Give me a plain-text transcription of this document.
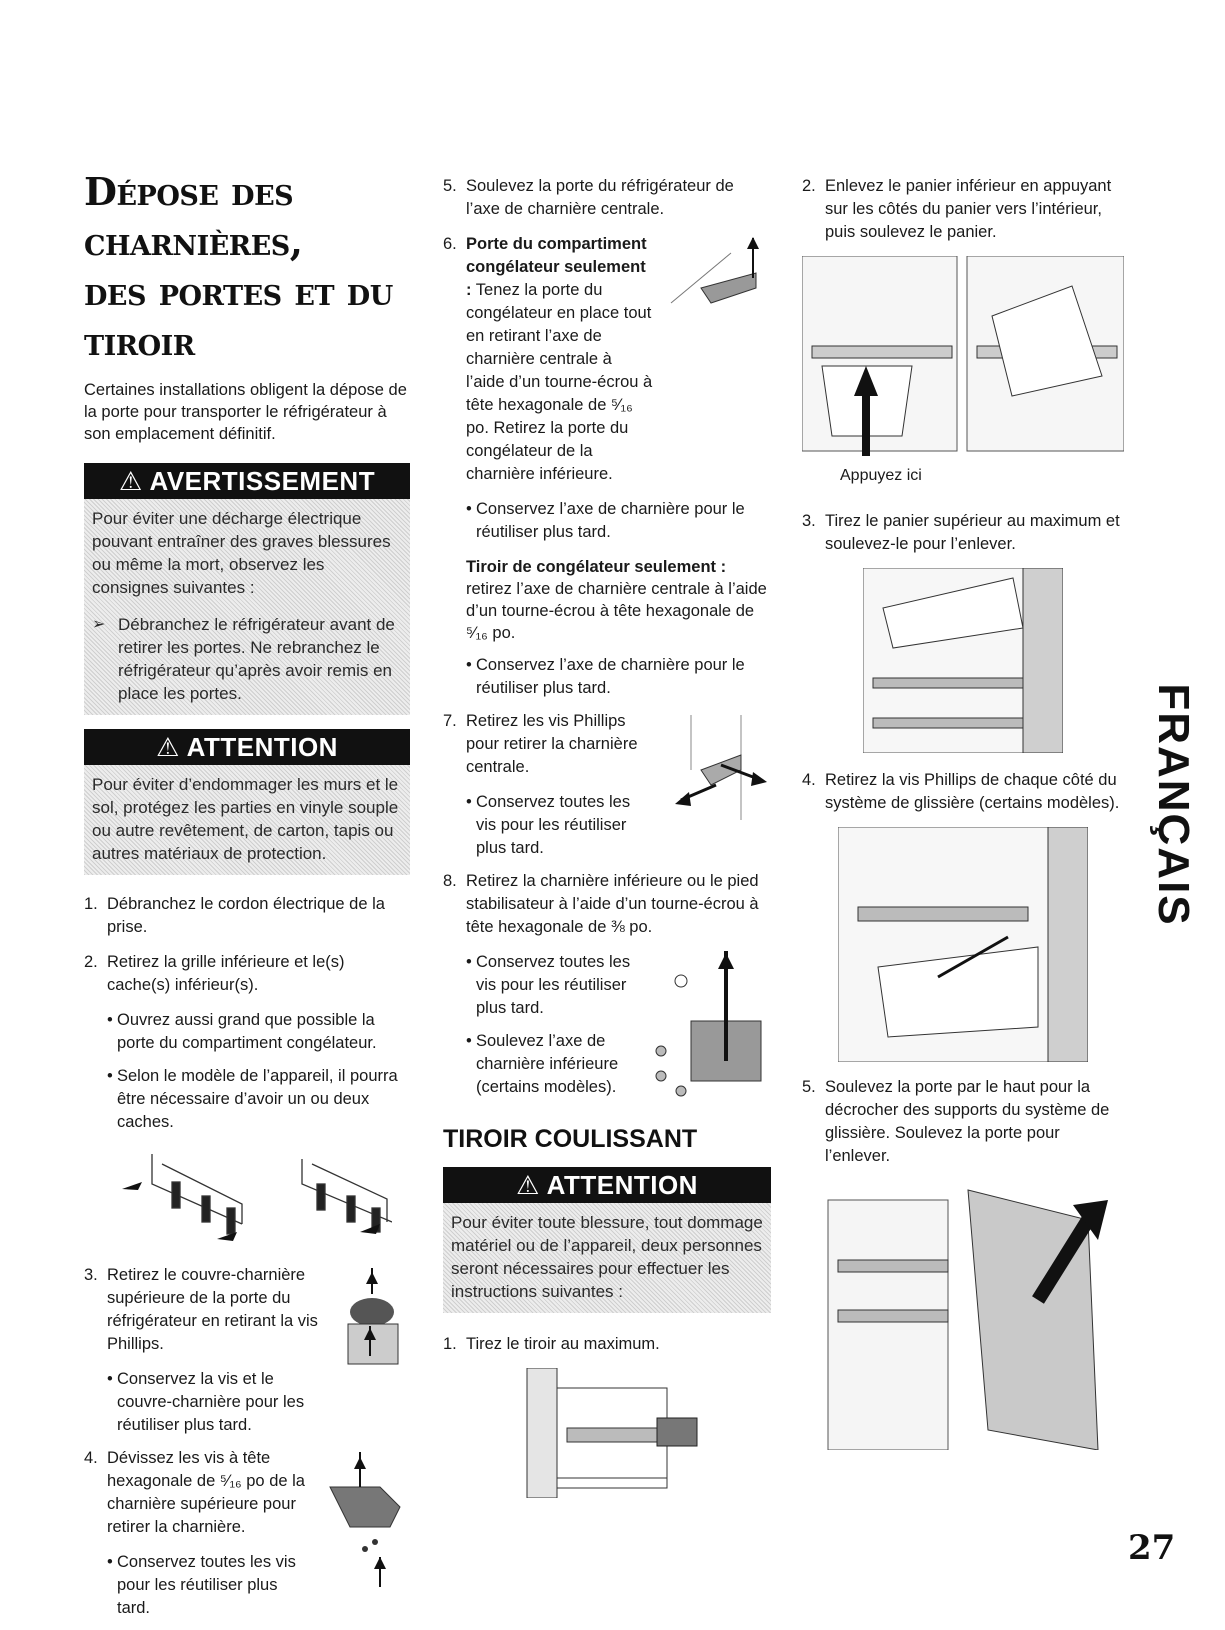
Dépose des charnières,
des portes et du tiroir

Certaines installations obligent la dépose de la porte pour transporter le réfrigérateur à son emplacement définitif.

⚠ AVERTISSEMENT

Pour éviter une décharge électrique pouvant entraîner des graves blessures ou même la mort, observez les consignes suivantes :

➢ Débranchez le réfrigérateur avant de retirer les portes. Ne rebranchez le réfrigérateur qu’après avoir remis en place les portes.

⚠ ATTENTION

Pour éviter d’endommager les murs et le sol, protégez les parties en vinyle souple ou autre revêtement, de carton, tapis ou autres matériaux de protection.

1. Débranchez le cordon électrique de la prise.
2. Retirez la grille inférieure et le(s) cache(s) inférieur(s).
• Ouvrez aussi grand que possible la porte du compartiment congélateur.
• Selon le modèle de l’appareil, il pourra être nécessaire d’avoir un ou deux caches.
3. Retirez le couvre-charnière supérieure de la porte du réfrigérateur en retirant la vis Phillips.
• Conservez la vis et le couvre-charnière pour les réutiliser plus tard.
4. Dévissez les vis à tête hexagonale de ⁵⁄₁₆ po de la charnière supérieure pour retirer la charnière.
• Conservez toutes les vis pour les réutiliser plus tard.
5. Soulevez la porte du réfrigérateur de l’axe de charnière centrale.
6. Porte du compartiment congélateur seulement : Tenez la porte du congélateur en place tout en retirant l’axe de charnière centrale à l’aide d’un tourne-écrou à tête hexagonale de ⁵⁄₁₆ po. Retirez la porte du congélateur de la charnière inférieure.
• Conservez l’axe de charnière pour le réutiliser plus tard.

Tiroir de congélateur seulement : retirez l’axe de charnière centrale à l’aide d’un tourne-écrou à tête hexagonale de ⁵⁄₁₆ po.

• Conservez l’axe de charnière pour le réutiliser plus tard.
7. Retirez les vis Phillips pour retirer la charnière centrale.
• Conservez toutes les vis pour les réutiliser plus tard.
8. Retirez la charnière inférieure ou le pied stabilisateur à l’aide d’un tourne-écrou à tête hexagonale de ⅜ po.
• Conservez toutes les vis pour les réutiliser plus tard.
• Soulevez l’axe de charnière inférieure (certains modèles).
TIROIR COULISSANT
⚠ ATTENTION

Pour éviter toute blessure, tout dommage matériel ou de l’appareil, deux personnes seront nécessaires pour effectuer les instructions suivantes :

1. Tirez le tiroir au maximum.
2. Enlevez le panier inférieur en appuyant sur les côtés du panier vers l’intérieur, puis soulevez le panier.
Appuyez ici
3. Tirez le panier supérieur au maximum et soulevez-le pour l’enlever.
4. Retirez la vis Phillips de chaque côté du système de glissière (certains modèles).
5. Soulevez la porte par le haut pour la décrocher des supports du système de glissière. Soulevez la porte pour l’enlever.
FRANÇAIS
27
